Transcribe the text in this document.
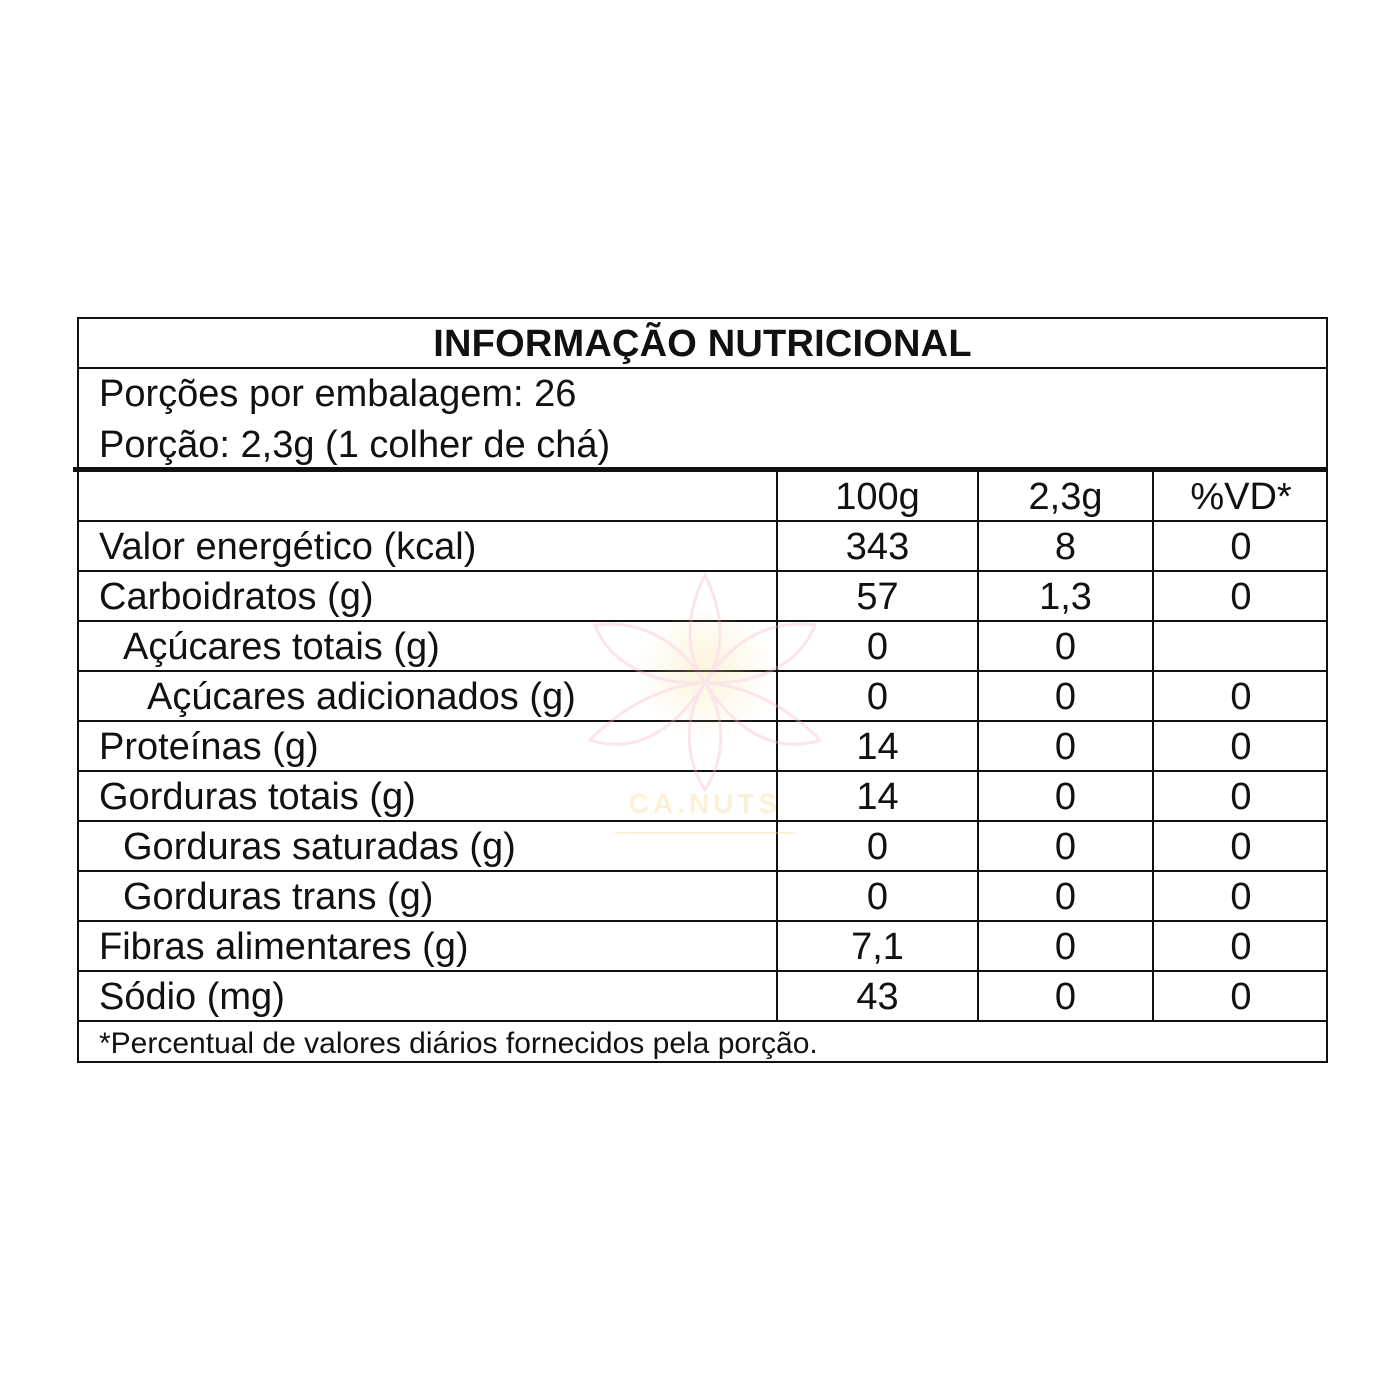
INFORMAÇÃO NUTRICIONAL
Porções por embalagem: 26
Porção: 2,3g (1 colher de chá)
100g	2,3g	%VD*
Valor energético (kcal)	343	8	0
Carboidratos (g)	57	1,3	0
Açúcares totais (g)	0	0
Açúcares adicionados (g)	0	0	0
Proteínas (g)	14	0	0
Gorduras totais (g)	14	0	0
Gorduras saturadas (g)	0	0	0
Gorduras trans (g)	0	0	0
Fibras alimentares (g)	7,1	0	0
Sódio (mg)	43	0	0
*Percentual de valores diários fornecidos pela porção.
CA.NUTS
